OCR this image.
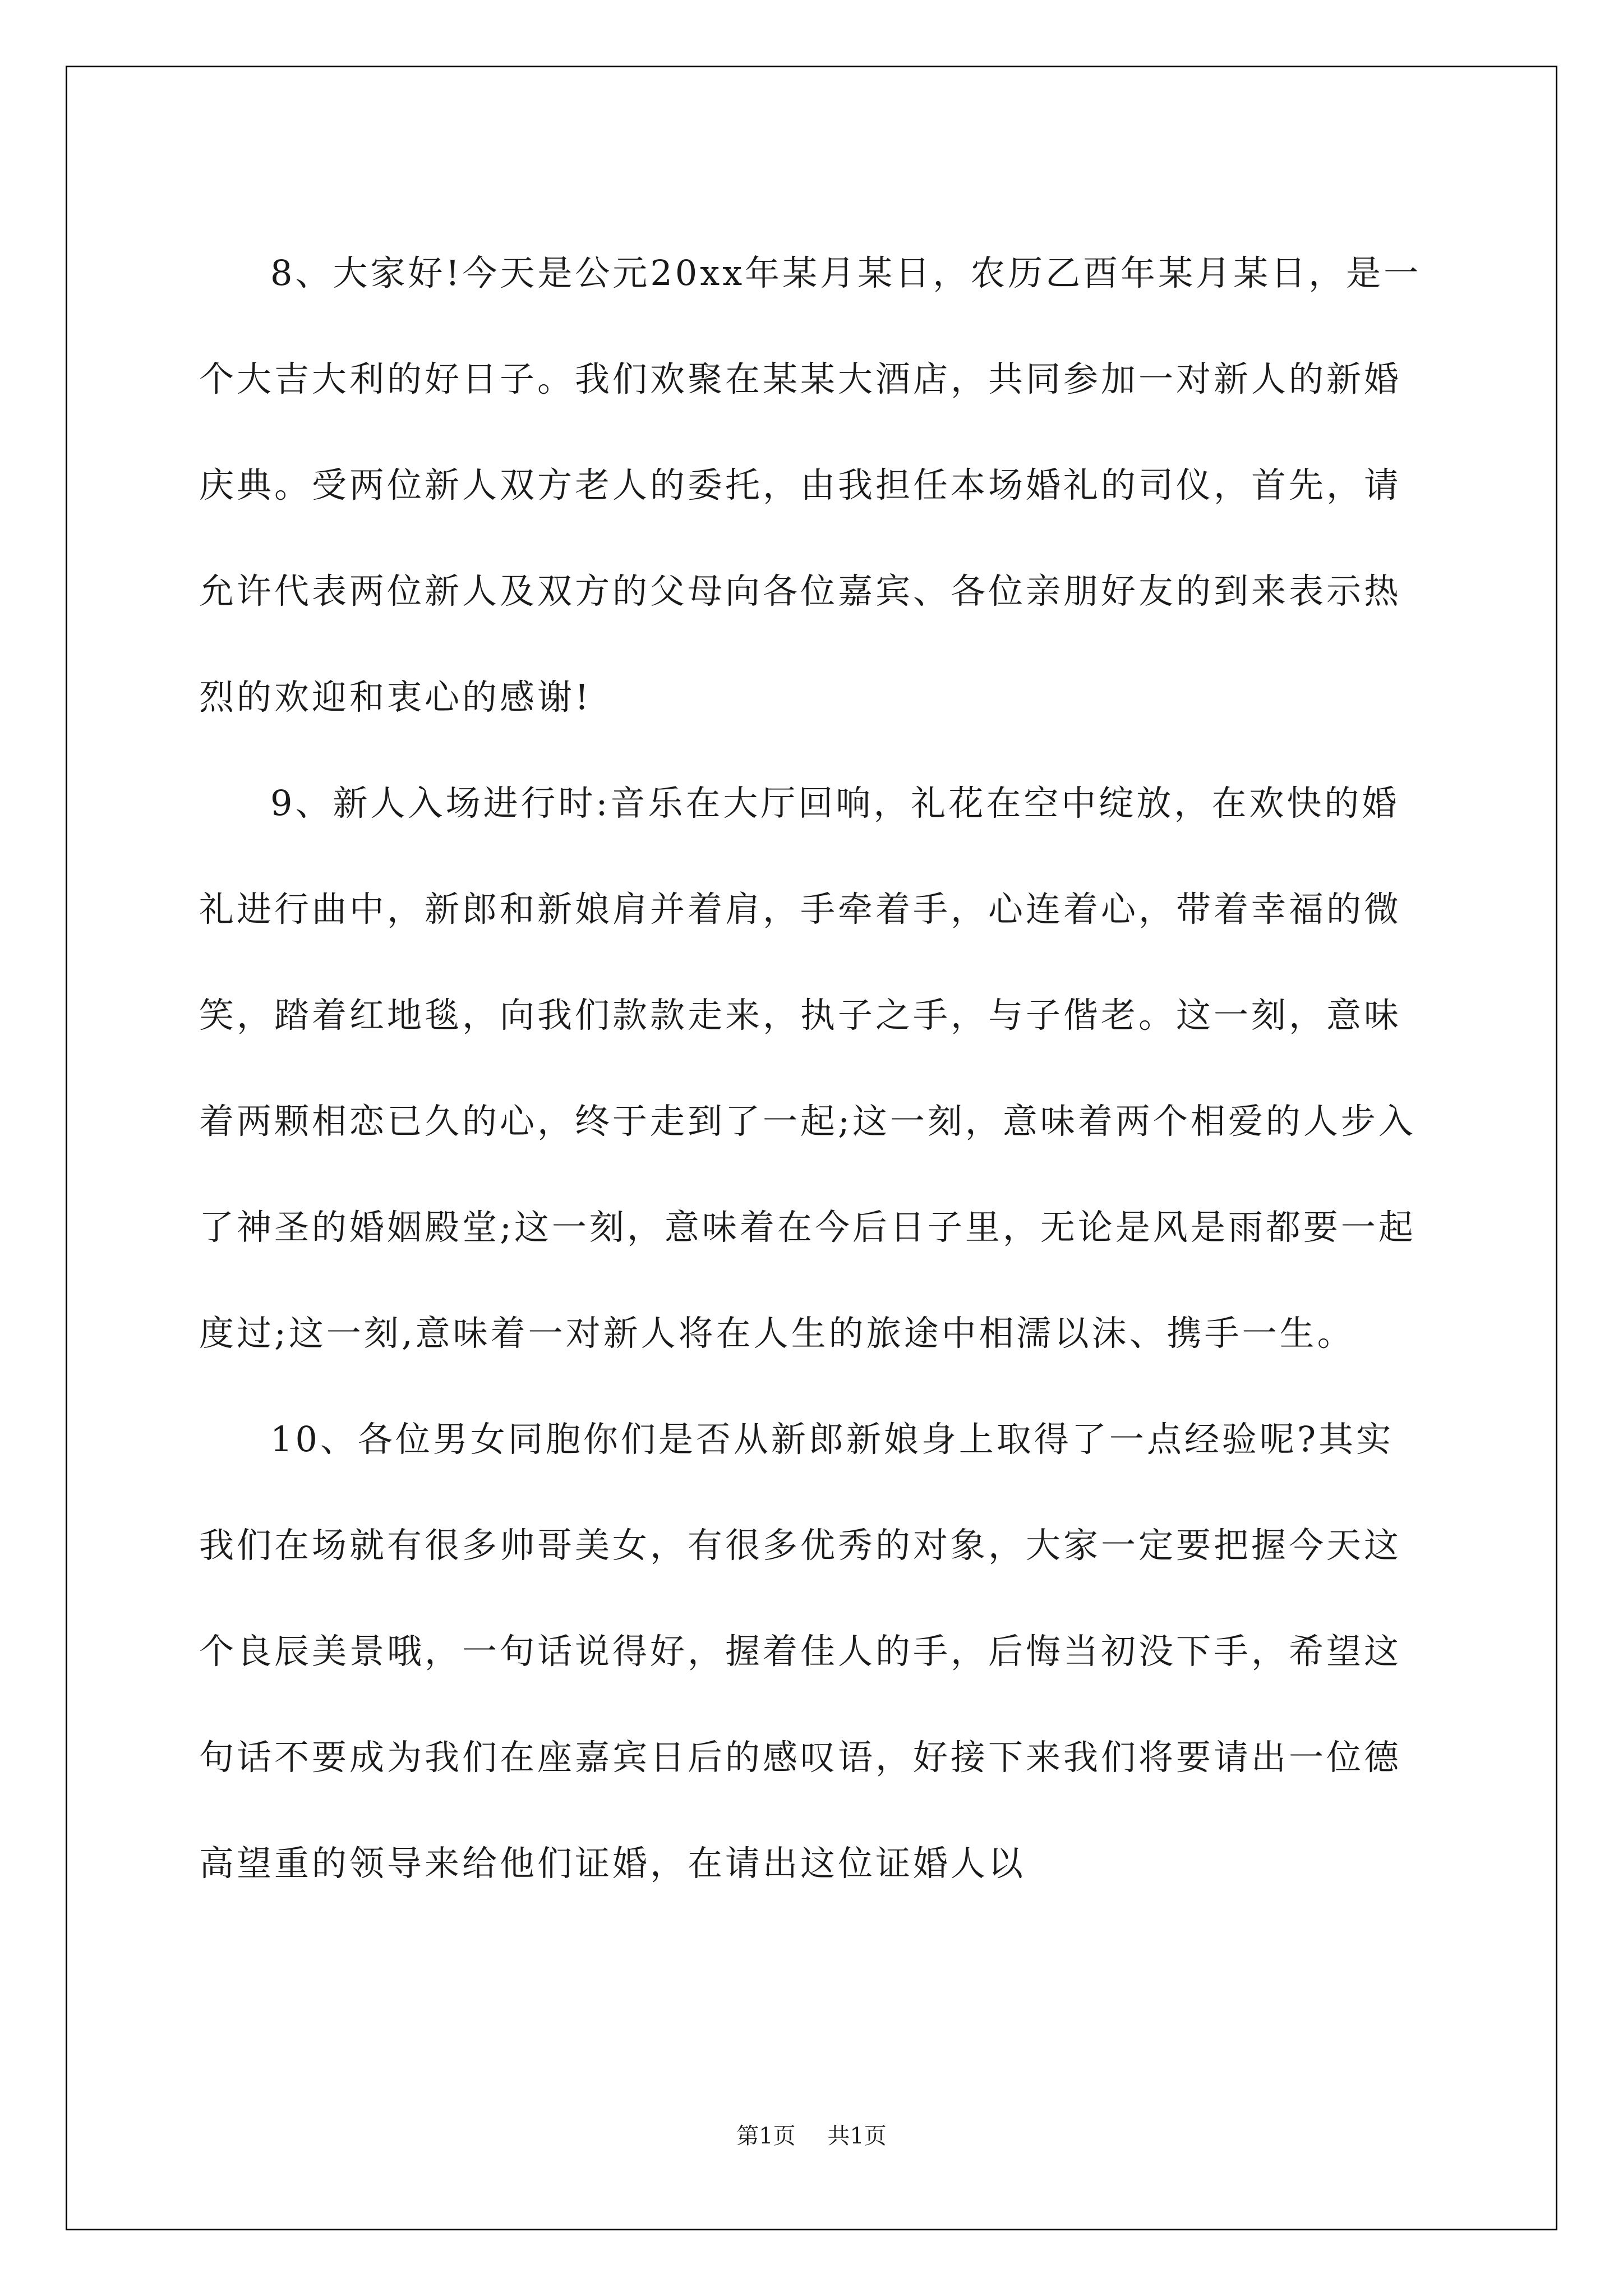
8、大家好!今天是公元20xx年某月某日，农历乙酉年某月某日，是一个大吉大利的好日子。我们欢聚在某某大酒店，共同参加一对新人的新婚庆典。受两位新人双方老人的委托，由我担任本场婚礼的司仪，首先，请允许代表两位新人及双方的父母向各位嘉宾、各位亲朋好友的到来表示热烈的欢迎和衷心的感谢!

9、新人入场进行时:音乐在大厅回响，礼花在空中绽放，在欢快的婚礼进行曲中，新郎和新娘肩并着肩，手牵着手，心连着心，带着幸福的微笑，踏着红地毯，向我们款款走来，执子之手，与子偕老。这一刻，意味着两颗相恋已久的心，终于走到了一起;这一刻，意味着两个相爱的人步入了神圣的婚姻殿堂;这一刻，意味着在今后日子里，无论是风是雨都要一起度过;这一刻,意味着一对新人将在人生的旅途中相濡以沫、携手一生。

10、各位男女同胞你们是否从新郎新娘身上取得了一点经验呢?其实我们在场就有很多帅哥美女，有很多优秀的对象，大家一定要把握今天这个良辰美景哦，一句话说得好，握着佳人的手，后悔当初没下手，希望这句话不要成为我们在座嘉宾日后的感叹语，好接下来我们将要请出一位德高望重的领导来给他们证婚，在请出这位证婚人以

第1页 共1页
